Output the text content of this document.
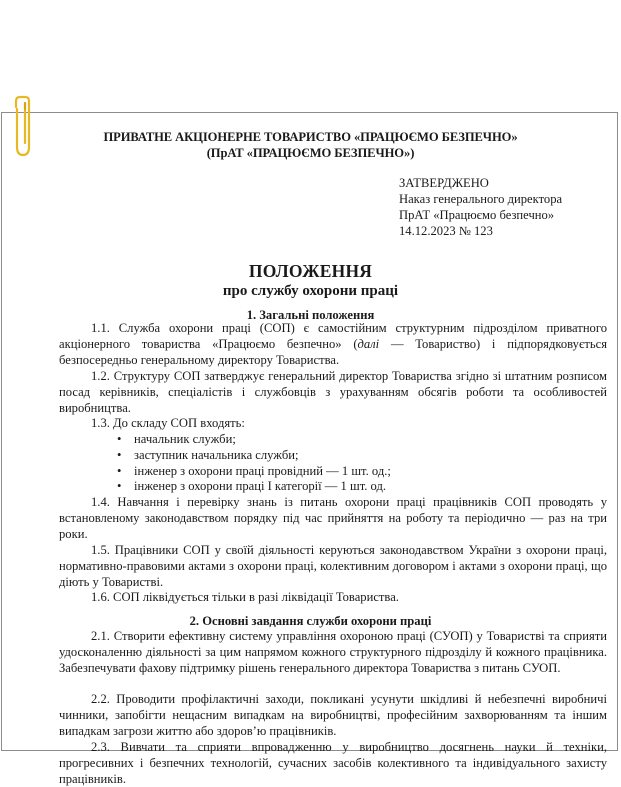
ПРИВАТНЕ АКЦІОНЕРНЕ ТОВАРИСТВО «ПРАЦЮЄМО БЕЗПЕЧНО»
(ПрАТ «ПРАЦЮЄМО БЕЗПЕЧНО»)
ЗАТВЕРДЖЕНО
Наказ генерального директора
ПрАТ «Працюємо безпечно»
14.12.2023 № 123
ПОЛОЖЕННЯ
про службу охорони праці
1. Загальні положення
1.1. Служба охорони праці (СОП) є самостійним структурним підрозділом приватного акціонерного товариства «Працюємо безпечно» (далі — Товариство) і підпорядковується безпосередньо генеральному директору Товариства.
1.2. Структуру СОП затверджує генеральний директор Товариства згідно зі штатним розписом посад керівників, спеціалістів і службовців з урахуванням обсягів роботи та особливостей виробництва.
1.3. До складу СОП входять:
• начальник служби;
• заступник начальника служби;
• інженер з охорони праці провідний — 1 шт. од.;
• інженер з охорони праці І категорії — 1 шт. од.
1.4. Навчання і перевірку знань із питань охорони праці працівників СОП проводять у встановленому законодавством порядку під час прийняття на роботу та періодично — раз на три роки.
1.5. Працівники СОП у своїй діяльності керуються законодавством України з охорони праці, нормативно-правовими актами з охорони праці, колективним договором і актами з охорони праці, що діють у Товаристві.
1.6. СОП ліквідується тільки в разі ліквідації Товариства.
2. Основні завдання служби охорони праці
2.1. Створити ефективну систему управління охороною праці (СУОП) у Товаристві та сприяти удосконаленню діяльності за цим напрямом кожного структурного підрозділу й кожного працівника. Забезпечувати фахову підтримку рішень генерального директора Товариства з питань СУОП.
2.2. Проводити профілактичні заходи, покликані усунути шкідливі й небезпечні виробничі чинники, запобігти нещасним випадкам на виробництві, професійним захворюванням та іншим випадкам загрози життю або здоров’ю працівників.
2.3. Вивчати та сприяти впровадженню у виробництво досягнень науки й техніки, прогресивних і безпечних технологій, сучасних засобів колективного та індивідуального захисту працівників.
